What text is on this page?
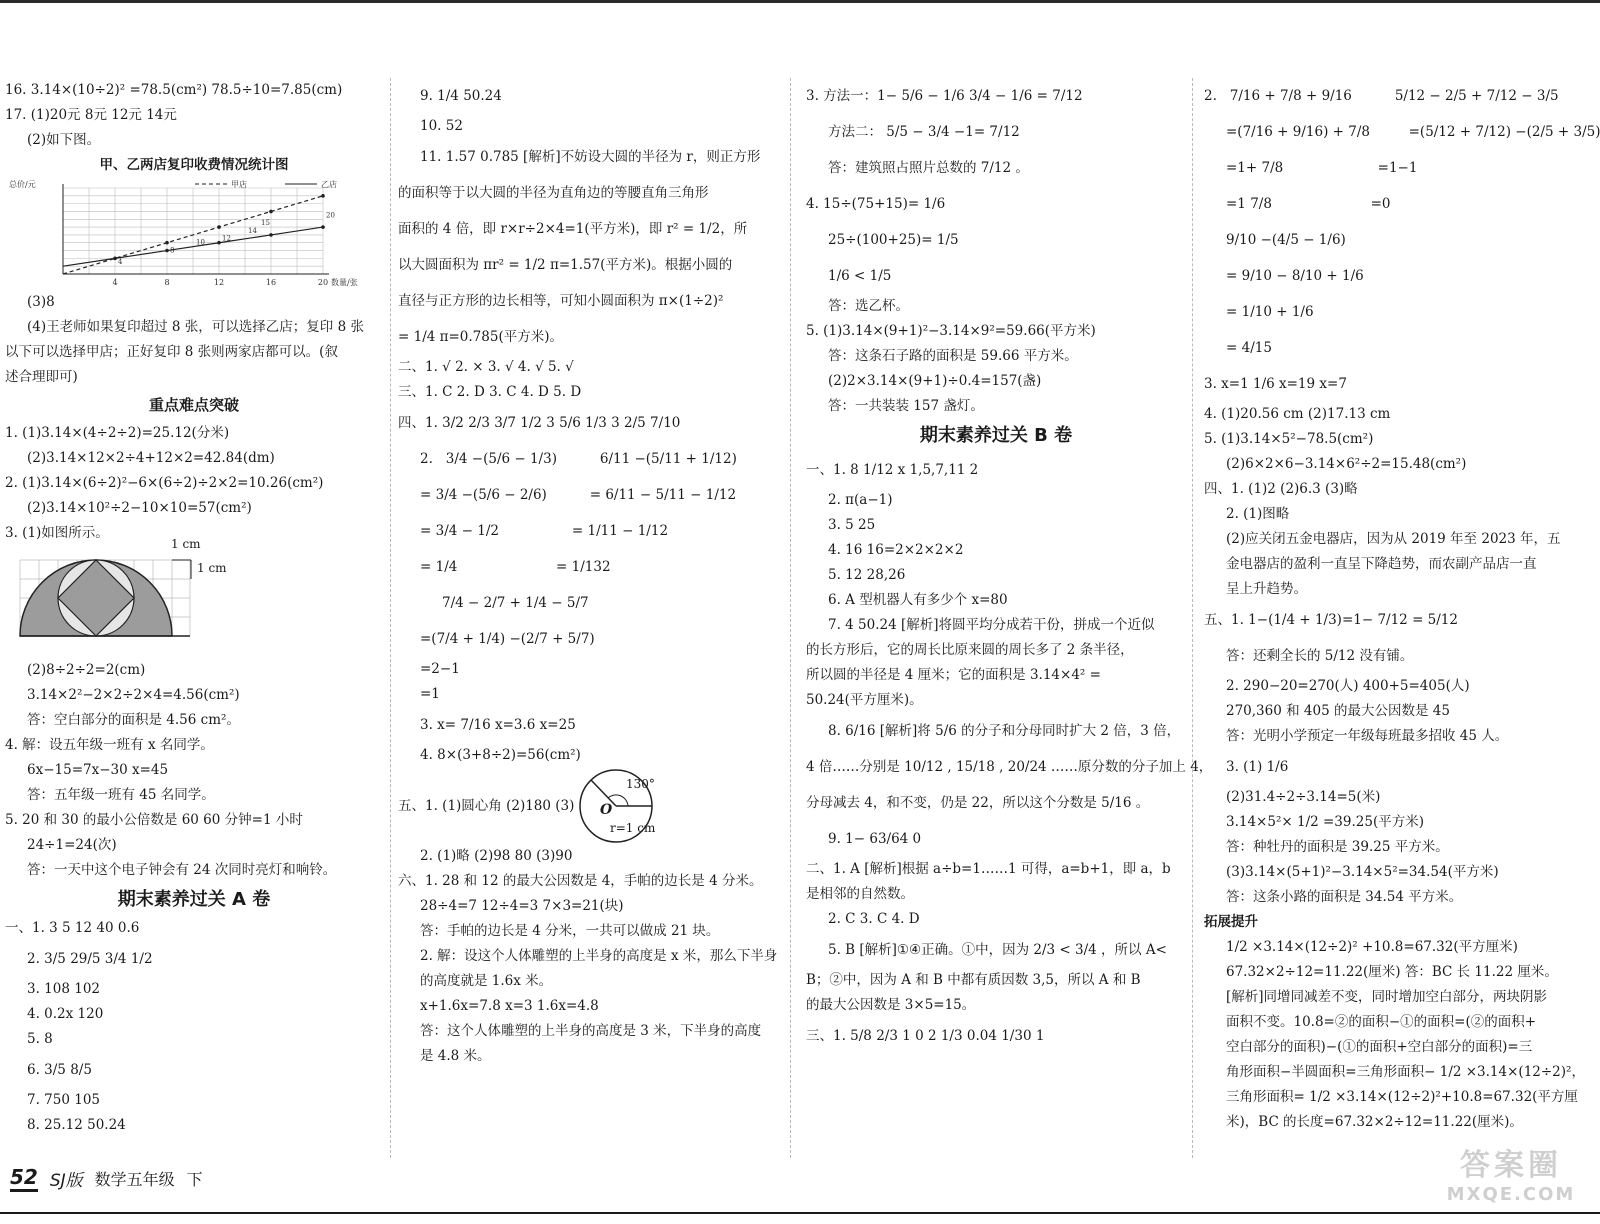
16. 3.14×(10÷2)² =78.5(cm²) 78.5÷10=7.85(cm)
17. (1)20元 8元 12元 14元
(2)如下图。
甲、乙两店复印收费情况统计图
4	8	12	16	20
总价/元
数量/张
甲店	乙店
4
8
10 12
14
15
20
(3)8
(4)王老师如果复印超过 8 张，可以选择乙店；复印 8 张
以下可以选择甲店；正好复印 8 张则两家店都可以。(叙
述合理即可)
重点难点突破
1. (1)3.14×(4÷2÷2)=25.12(分米)
(2)3.14×12×2÷4+12×2=42.84(dm)
2. (1)3.14×(6÷2)²−6×(6÷2)÷2×2=10.26(cm²)
(2)3.14×10²÷2−10×10=57(cm²)
3. (1)如图所示。
1 cm
1 cm
(2)8÷2÷2=2(cm)
3.14×2²−2×2÷2×4=4.56(cm²)
答：空白部分的面积是 4.56 cm²。
4. 解：设五年级一班有 x 名同学。
6x−15=7x−30 x=45
答：五年级一班有 45 名同学。
5. 20 和 30 的最小公倍数是 60 60 分钟=1 小时
24÷1=24(次)
答：一天中这个电子钟会有 24 次同时亮灯和响铃。
期末素养过关 A 卷
一、1. 3 5 12 40 0.6
2. 3/5 29/5 3/4 1/2
3. 108 102
4. 0.2x 120
5. 8
6. 3/5 8/5
7. 750 105
8. 25.12 50.24
9. 1/4 50.24
10. 52
11. 1.57 0.785 [解析]不妨设大圆的半径为 r，则正方形
的面积等于以大圆的半径为直角边的等腰直角三角形
面积的 4 倍，即 r×r÷2×4=1(平方米)，即 r² = 1/2，所
以大圆面积为 πr² = 1/2 π=1.57(平方米)。根据小圆的
直径与正方形的边长相等，可知小圆面积为 π×(1÷2)²
= 1/4 π=0.785(平方米)。
二、1. √ 2. × 3. √ 4. √ 5. √
三、1. C 2. D 3. C 4. D 5. D
四、1. 3/2 2/3 3/7 1/2 3 5/6 1/3 3 2/5 7/10
2.   3/4 −(5/6 − 1/3)          6/11 −(5/11 + 1/12)
= 3/4 −(5/6 − 2/6)          = 6/11 − 5/11 − 1/12
= 3/4 − 1/2                 = 1/11 − 1/12
= 1/4                       = 1/132
7/4 − 2/7 + 1/4 − 5/7
=(7/4 + 1/4) −(2/7 + 5/7)
=2−1
=1
3. x= 7/16 x=3.6 x=25
4. 8×(3+8÷2)=56(cm²)
五、1. (1)圆心角 (2)180 (3)
130°
O
r=1 cm
2. (1)略 (2)98 80 (3)90
六、1. 28 和 12 的最大公因数是 4，手帕的边长是 4 分米。
28÷4=7 12÷4=3 7×3=21(块)
答：手帕的边长是 4 分米，一共可以做成 21 块。
2. 解：设这个人体雕塑的上半身的高度是 x 米，那么下半身
的高度就是 1.6x 米。
x+1.6x=7.8 x=3 1.6x=4.8
答：这个人体雕塑的上半身的高度是 3 米，下半身的高度
是 4.8 米。
3. 方法一：1− 5/6 − 1/6 3/4 − 1/6 = 7/12
方法二： 5/5 − 3/4 −1= 7/12
答：建筑照占照片总数的 7/12 。
4. 15÷(75+15)= 1/6
25÷(100+25)= 1/5
1/6 < 1/5
答：选乙杯。
5. (1)3.14×(9+1)²−3.14×9²=59.66(平方米)
答：这条石子路的面积是 59.66 平方米。
(2)2×3.14×(9+1)÷0.4=157(盏)
答：一共装装 157 盏灯。
期末素养过关 B 卷
一、1. 8 1/12 x 1,5,7,11 2
2. π(a−1)
3. 5 25
4. 16 16=2×2×2×2
5. 12 28,26
6. A 型机器人有多少个 x=80
7. 4 50.24 [解析]将圆平均分成若干份，拼成一个近似
的长方形后，它的周长比原来圆的周长多了 2 条半径，
所以圆的半径是 4 厘米；它的面积是 3.14×4² =
50.24(平方厘米)。
8. 6/16 [解析]将 5/6 的分子和分母同时扩大 2 倍，3 倍，
4 倍……分别是 10/12 , 15/18 , 20/24 ……原分数的分子加上 4，
分母减去 4，和不变，仍是 22，所以这个分数是 5/16 。
9. 1− 63/64 0
二、1. A [解析]根据 a÷b=1……1 可得，a=b+1，即 a，b
是相邻的自然数。
2. C 3. C 4. D
5. B [解析]①④正确。①中，因为 2/3 < 3/4 ，所以 A<
B；②中，因为 A 和 B 中都有质因数 3,5，所以 A 和 B
的最大公因数是 3×5=15。
三、1. 5/8 2/3 1 0 2 1/3 0.04 1/30 1
2.   7/16 + 7/8 + 9/16          5/12 − 2/5 + 7/12 − 3/5
=(7/16 + 9/16) + 7/8         =(5/12 + 7/12) −(2/5 + 3/5)
=1+ 7/8                      =1−1
=1 7/8                       =0
9/10 −(4/5 − 1/6)
= 9/10 − 8/10 + 1/6
= 1/10 + 1/6
= 4/15
3. x=1 1/6 x=19 x=7
4. (1)20.56 cm (2)17.13 cm
5. (1)3.14×5²−78.5(cm²)
(2)6×2×6−3.14×6²÷2=15.48(cm²)
四、1. (1)2 (2)6.3 (3)略
2. (1)图略
(2)应关闭五金电器店，因为从 2019 年至 2023 年，五
金电器店的盈利一直呈下降趋势，而农副产品店一直
呈上升趋势。
五、1. 1−(1/4 + 1/3)=1− 7/12 = 5/12
答：还剩全长的 5/12 没有铺。
2. 290−20=270(人) 400+5=405(人)
270,360 和 405 的最大公因数是 45
答：光明小学预定一年级每班最多招收 45 人。
3. (1) 1/6
(2)31.4÷2÷3.14=5(米)
3.14×5²× 1/2 =39.25(平方米)
答：种牡丹的面积是 39.25 平方米。
(3)3.14×(5+1)²−3.14×5²=34.54(平方米)
答：这条小路的面积是 34.54 平方米。
拓展提升
1/2 ×3.14×(12÷2)² +10.8=67.32(平方厘米)
67.32×2÷12=11.22(厘米) 答：BC 长 11.22 厘米。
[解析]同增同减差不变，同时增加空白部分，两块阴影
面积不变。10.8=②的面积−①的面积=(②的面积+
空白部分的面积)−(①的面积+空白部分的面积)=三
角形面积−半圆面积=三角形面积− 1/2 ×3.14×(12÷2)²，
三角形面积= 1/2 ×3.14×(12÷2)²+10.8=67.32(平方厘
米)，BC 的长度=67.32×2÷12=11.22(厘米)。
52 SJ版 数学五年级 下	答案圈
MXQE.COM
